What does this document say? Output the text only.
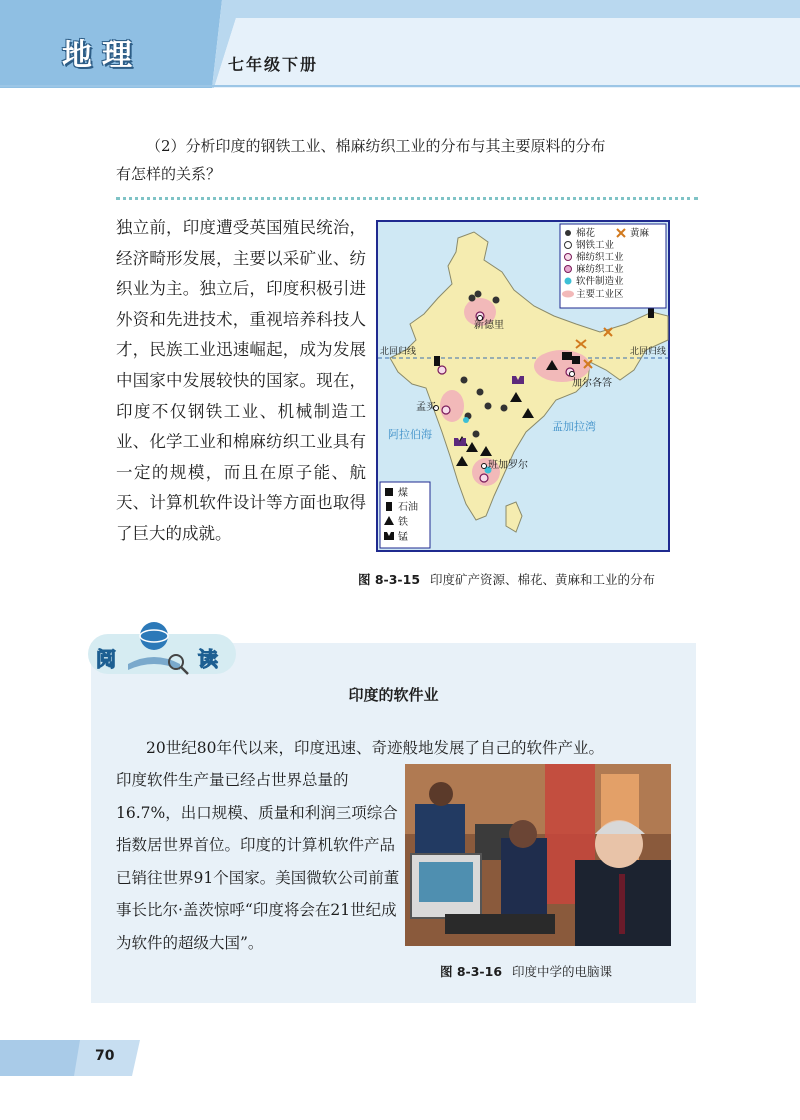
地理	七年级下册
（2）分析印度的钢铁工业、棉麻纺织工业的分布与其主要原料的分布
有怎样的关系？
独立前，印度遭受英国殖民统治，经济畸形发展，主要以采矿业、纺织业为主。独立后，印度积极引进外资和先进技术，重视培养科技人才，民族工业迅速崛起，成为发展中国家中发展较快的国家。现在，印度不仅钢铁工业、机械制造工业、化学工业和棉麻纺织工业具有一定的规模，而且在原子能、航天、计算机软件设计等方面也取得了巨大的成就。
新德里
孟买
加尔各答
班加罗尔
北回归线	北回归线
阿拉伯海
孟加拉湾
棉花	黄麻
钢铁工业
棉纺织工业
麻纺织工业
软件制造业
主要工业区
煤
石油
铁
锰
图 8-3-15 印度矿产资源、棉花、黄麻和工业的分布
阅	读
印度的软件业
20世纪80年代以来，印度迅速、奇迹般地发展了自己的软件产业。
印度软件生产量已经占世界总量的16.7%，出口规模、质量和利润三项综合指数居世界首位。印度的计算机软件产品已销往世界91个国家。美国微软公司前董事长比尔·盖茨惊呼“印度将会在21世纪成为软件的超级大国”。
图 8-3-16 印度中学的电脑课
70
